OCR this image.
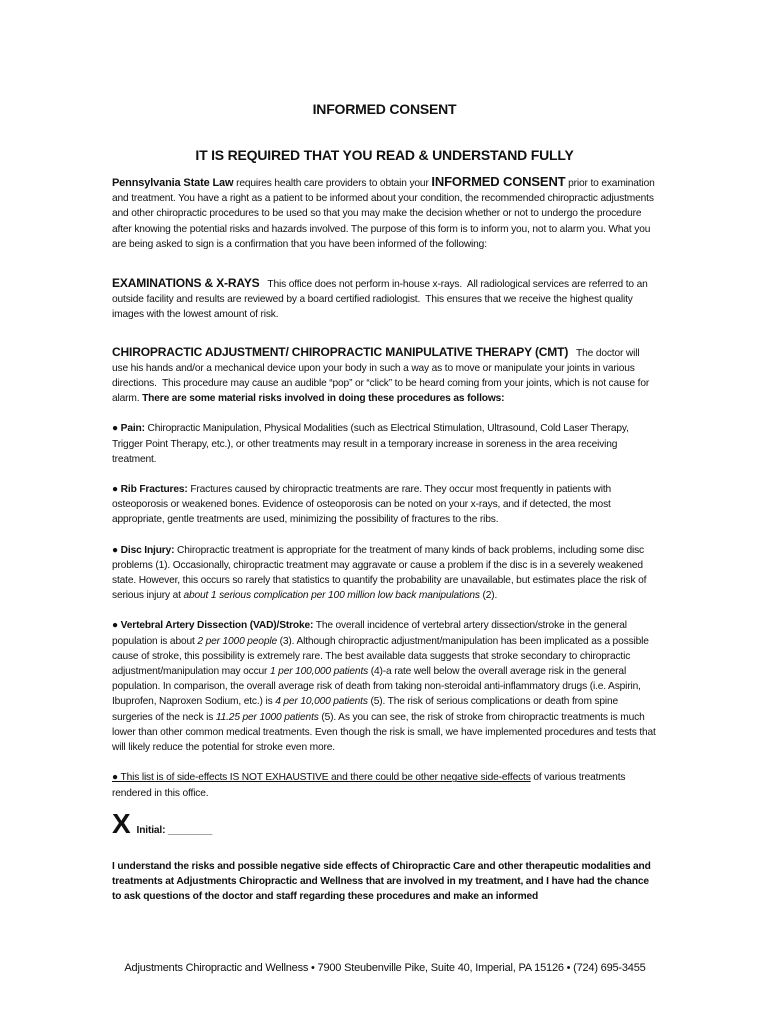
INFORMED CONSENT
IT IS REQUIRED THAT YOU READ & UNDERSTAND FULLY

Pennsylvania State Law requires health care providers to obtain your INFORMED CONSENT prior to examination and treatment. You have a right as a patient to be informed about your condition, the recommended chiropractic adjustments and other chiropractic procedures to be used so that you may make the decision whether or not to undergo the procedure after knowing the potential risks and hazards involved. The purpose of this form is to inform you, not to alarm you. What you are being asked to sign is a confirmation that you have been informed of the following:

EXAMINATIONS & X-RAYS   This office does not perform in-house x-rays.  All radiological services are referred to an outside facility and results are reviewed by a board certified radiologist.  This ensures that we receive the highest quality images with the lowest amount of risk.

CHIROPRACTIC ADJUSTMENT/ CHIROPRACTIC MANIPULATIVE THERAPY (CMT)   The doctor will use his hands and/or a mechanical device upon your body in such a way as to move or manipulate your joints in various directions.  This procedure may cause an audible “pop” or “click” to be heard coming from your joints, which is not cause for alarm. There are some material risks involved in doing these procedures as follows:

● Pain: Chiropractic Manipulation, Physical Modalities (such as Electrical Stimulation, Ultrasound, Cold Laser Therapy, Trigger Point Therapy, etc.), or other treatments may result in a temporary increase in soreness in the area receiving treatment.

● Rib Fractures: Fractures caused by chiropractic treatments are rare. They occur most frequently in patients with osteoporosis or weakened bones. Evidence of osteoporosis can be noted on your x-rays, and if detected, the most appropriate, gentle treatments are used, minimizing the possibility of fractures to the ribs.

● Disc Injury: Chiropractic treatment is appropriate for the treatment of many kinds of back problems, including some disc problems (1). Occasionally, chiropractic treatment may aggravate or cause a problem if the disc is in a severely weakened state. However, this occurs so rarely that statistics to quantify the probability are unavailable, but estimates place the risk of serious injury at about 1 serious complication per 100 million low back manipulations (2).

● Vertebral Artery Dissection (VAD)/Stroke: The overall incidence of vertebral artery dissection/stroke in the general population is about 2 per 1000 people (3). Although chiropractic adjustment/manipulation has been implicated as a possible cause of stroke, this possibility is extremely rare. The best available data suggests that stroke secondary to chiropractic adjustment/manipulation may occur 1 per 100,000 patients (4)-a rate well below the overall average risk in the general population. In comparison, the overall average risk of death from taking non-steroidal anti-inflammatory drugs (i.e. Aspirin, Ibuprofen, Naproxen Sodium, etc.) is 4 per 10,000 patients (5). The risk of serious complications or death from spine surgeries of the neck is 11.25 per 1000 patients (5). As you can see, the risk of stroke from chiropractic treatments is much lower than other common medical treatments. Even though the risk is small, we have implemented procedures and tests that will likely reduce the potential for stroke even more.

● This list is of side-effects IS NOT EXHAUSTIVE and there could be other negative side-effects of various treatments rendered in this office.

X Initial: ________

I understand the risks and possible negative side effects of Chiropractic Care and other therapeutic modalities and treatments at Adjustments Chiropractic and Wellness that are involved in my treatment, and I have had the chance to ask questions of the doctor and staff regarding these procedures and make an informed

Adjustments Chiropractic and Wellness • 7900 Steubenville Pike, Suite 40, Imperial, PA 15126 • (724) 695-3455
